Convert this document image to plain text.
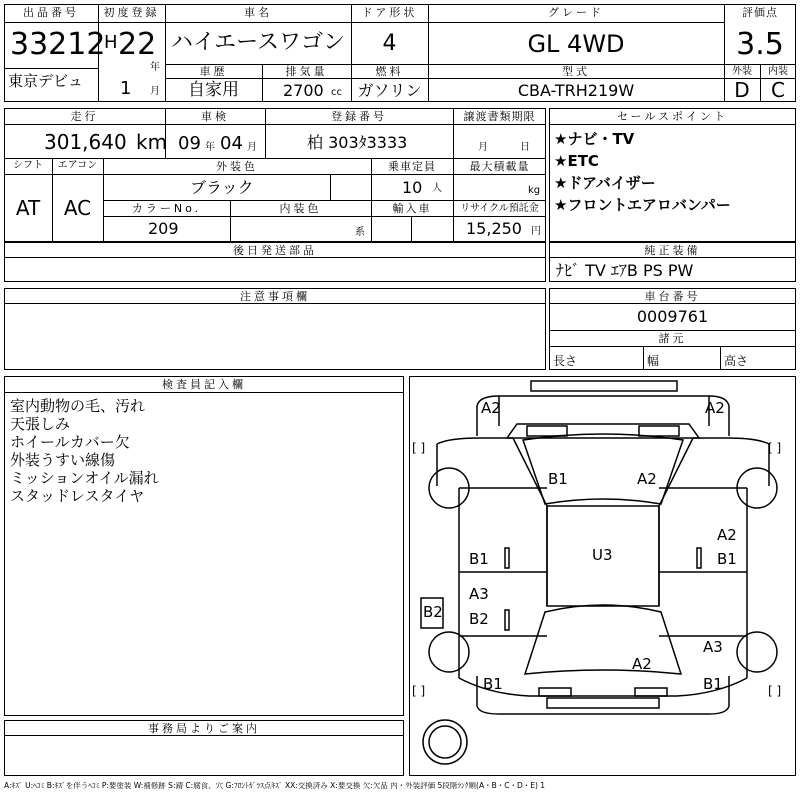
出品番号
33212
東京デビュ
初度登録
H 22
年
1 月
車名
ハイエースワゴン
ドア形状
4
グレード
GL 4WD
評価点
3.5
車歴
自家用
排気量
2700 cc
燃料
ガソリン
型式
CBA-TRH219W
外装	内装
D	C
走行
301,640 km
車検
09 年 04 月
登録番号
柏 303ﾀ3333
譲渡書類期限
月	日
シフト	エアコン
AT	AC
外装色
ブラック
乗車定員
10 人
最大積載量
kg
カラーNo.
209
内装色
系
輸入車	リサイクル預託金
15,250 円
後日発送部品
セールスポイント
★ナビ・TV
★ETC
★ドアバイザー
★フロントエアロバンパー
純正装備
ﾅﾋﾞ TV ｴｱB PS PW
注意事項欄	車台番号
0009761
諸元
長さ	幅	高さ
検査員記入欄
室内動物の毛、汚れ
天張しみ
ホイールカバー欠
外装うすい線傷
ミッションオイル漏れ
スタッドレスタイヤ
事務局よりご案内
[ ]	[ ]
[ ]	[ ]
A2	A2
B1	A2
B1
A2
B1
U3
A3
B2
B2
A3
A2
B1	B1
A:ｷｽﾞ U:ﾍｺﾐ B:ｷｽﾞを伴うﾍｺﾐ P:要塗装 W:補修跡 S:錆 C:腐食、穴 G:ﾌﾛﾝﾄｶﾞﾗｽ点ｷｽﾞ XX:交換済み X:要交換 欠:欠品 内・外装評価 5段階ﾗﾝｸ順(A・B・C・D・E) 1
